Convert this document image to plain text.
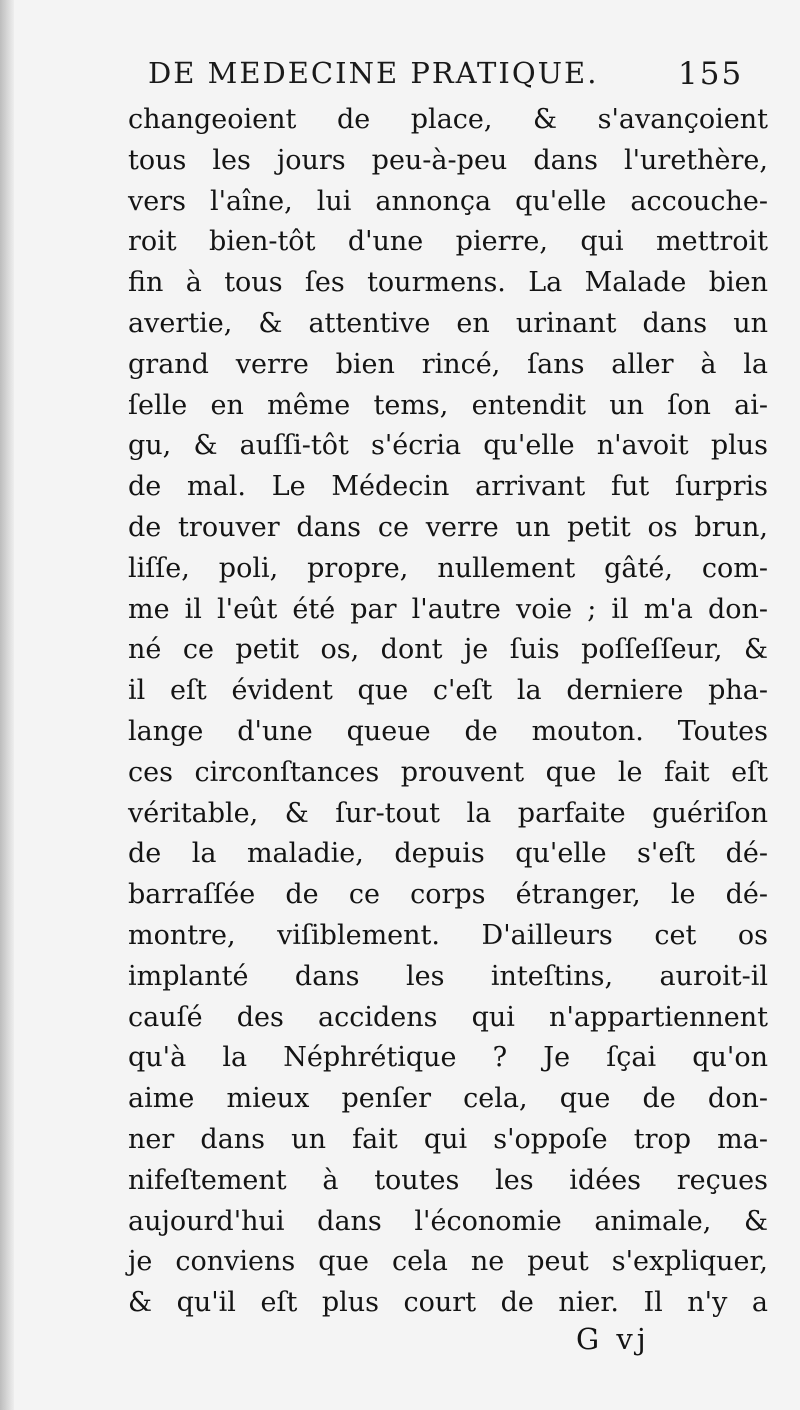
DE MEDECINE PRATIQUE.	155
changeoient de place, & s'avançoient
tous les jours peu-à-peu dans l'urethère,
vers l'aîne, lui annonça qu'elle accouche-
roit bien-tôt d'une pierre, qui mettroit
fin à tous ſes tourmens. La Malade bien
avertie, & attentive en urinant dans un
grand verre bien rincé, ſans aller à la
ſelle en même tems, entendit un ſon ai-
gu, & auſſi-tôt s'écria qu'elle n'avoit plus
de mal. Le Médecin arrivant fut ſurpris
de trouver dans ce verre un petit os brun,
liſſe, poli, propre, nullement gâté, com-
me il l'eût été par l'autre voie ; il m'a don-
né ce petit os, dont je ſuis poſſeſſeur, &
il eſt évident que c'eſt la derniere pha-
lange d'une queue de mouton. Toutes
ces circonſtances prouvent que le fait eſt
véritable, & ſur-tout la parfaite guériſon
de la maladie, depuis qu'elle s'eſt dé-
barraſſée de ce corps étranger, le dé-
montre, viſiblement. D'ailleurs cet os
implanté dans les inteſtins, auroit-il
cauſé des accidens qui n'appartiennent
qu'à la Néphrétique ? Je ſçai qu'on
aime mieux penſer cela, que de don-
ner dans un fait qui s'oppoſe trop ma-
nifeſtement à toutes les idées reçues
aujourd'hui dans l'économie animale, &
je conviens que cela ne peut s'expliquer,
& qu'il eſt plus court de nier. Il n'y a
G vj
